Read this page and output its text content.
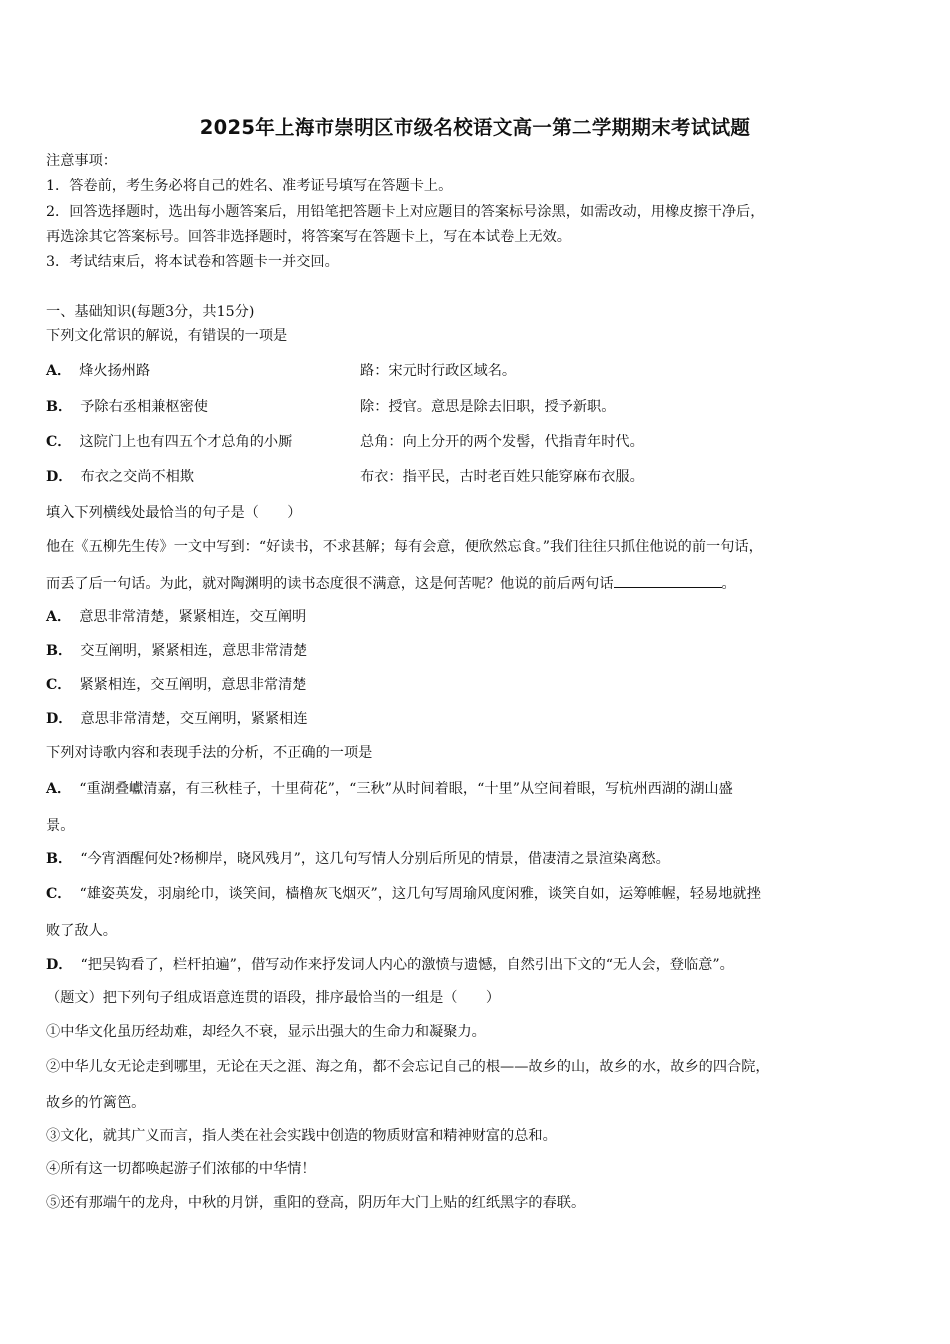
2025年上海市崇明区市级名校语文高一第二学期期末考试试题
注意事项：
1．答卷前，考生务必将自己的姓名、准考证号填写在答题卡上。
2．回答选择题时，选出每小题答案后，用铅笔把答题卡上对应题目的答案标号涂黑，如需改动，用橡皮擦干净后，
再选涂其它答案标号。回答非选择题时，将答案写在答题卡上，写在本试卷上无效。
3．考试结束后，将本试卷和答题卡一并交回。
一、基础知识(每题3分，共15分)
下列文化常识的解说，有错误的一项是
A． 烽火扬州路	路：宋元时行政区域名。
B． 予除右丞相兼枢密使	除：授官。意思是除去旧职，授予新职。
C． 这院门上也有四五个才总角的小厮	总角：向上分开的两个发髻，代指青年时代。
D． 布衣之交尚不相欺	布衣：指平民，古时老百姓只能穿麻布衣服。
填入下列横线处最恰当的句子是（　　）
他在《五柳先生传》一文中写到：“好读书，不求甚解；每有会意，便欣然忘食。”我们往往只抓住他说的前一句话，
而丢了后一句话。为此，就对陶渊明的读书态度很不满意，这是何苦呢？他说的前后两句话	。
A． 意思非常清楚，紧紧相连，交互阐明
B． 交互阐明，紧紧相连，意思非常清楚
C． 紧紧相连，交互阐明，意思非常清楚
D． 意思非常清楚，交互阐明，紧紧相连
下列对诗歌内容和表现手法的分析，不正确的一项是
A． “重湖叠巘清嘉，有三秋桂子，十里荷花”，“三秋”从时间着眼，“十里”从空间着眼，写杭州西湖的湖山盛
景。
B． “今宵酒醒何处?杨柳岸，晓风残月”，这几句写情人分别后所见的情景，借凄清之景渲染离愁。
C． “雄姿英发，羽扇纶巾，谈笑间，樯橹灰飞烟灭”，这几句写周瑜风度闲雅，谈笑自如，运筹帷幄，轻易地就挫
败了敌人。
D． “把吴钩看了，栏杆拍遍”，借写动作来抒发词人内心的激愤与遗憾，自然引出下文的“无人会，登临意”。
（题文）把下列句子组成语意连贯的语段，排序最恰当的一组是（　　）
①中华文化虽历经劫难，却经久不衰，显示出强大的生命力和凝聚力。
②中华儿女无论走到哪里，无论在天之涯、海之角，都不会忘记自己的根——故乡的山，故乡的水，故乡的四合院，
故乡的竹篱笆。
③文化，就其广义而言，指人类在社会实践中创造的物质财富和精神财富的总和。
④所有这一切都唤起游子们浓郁的中华情！
⑤还有那端午的龙舟，中秋的月饼，重阳的登高，阴历年大门上贴的红纸黑字的春联。
